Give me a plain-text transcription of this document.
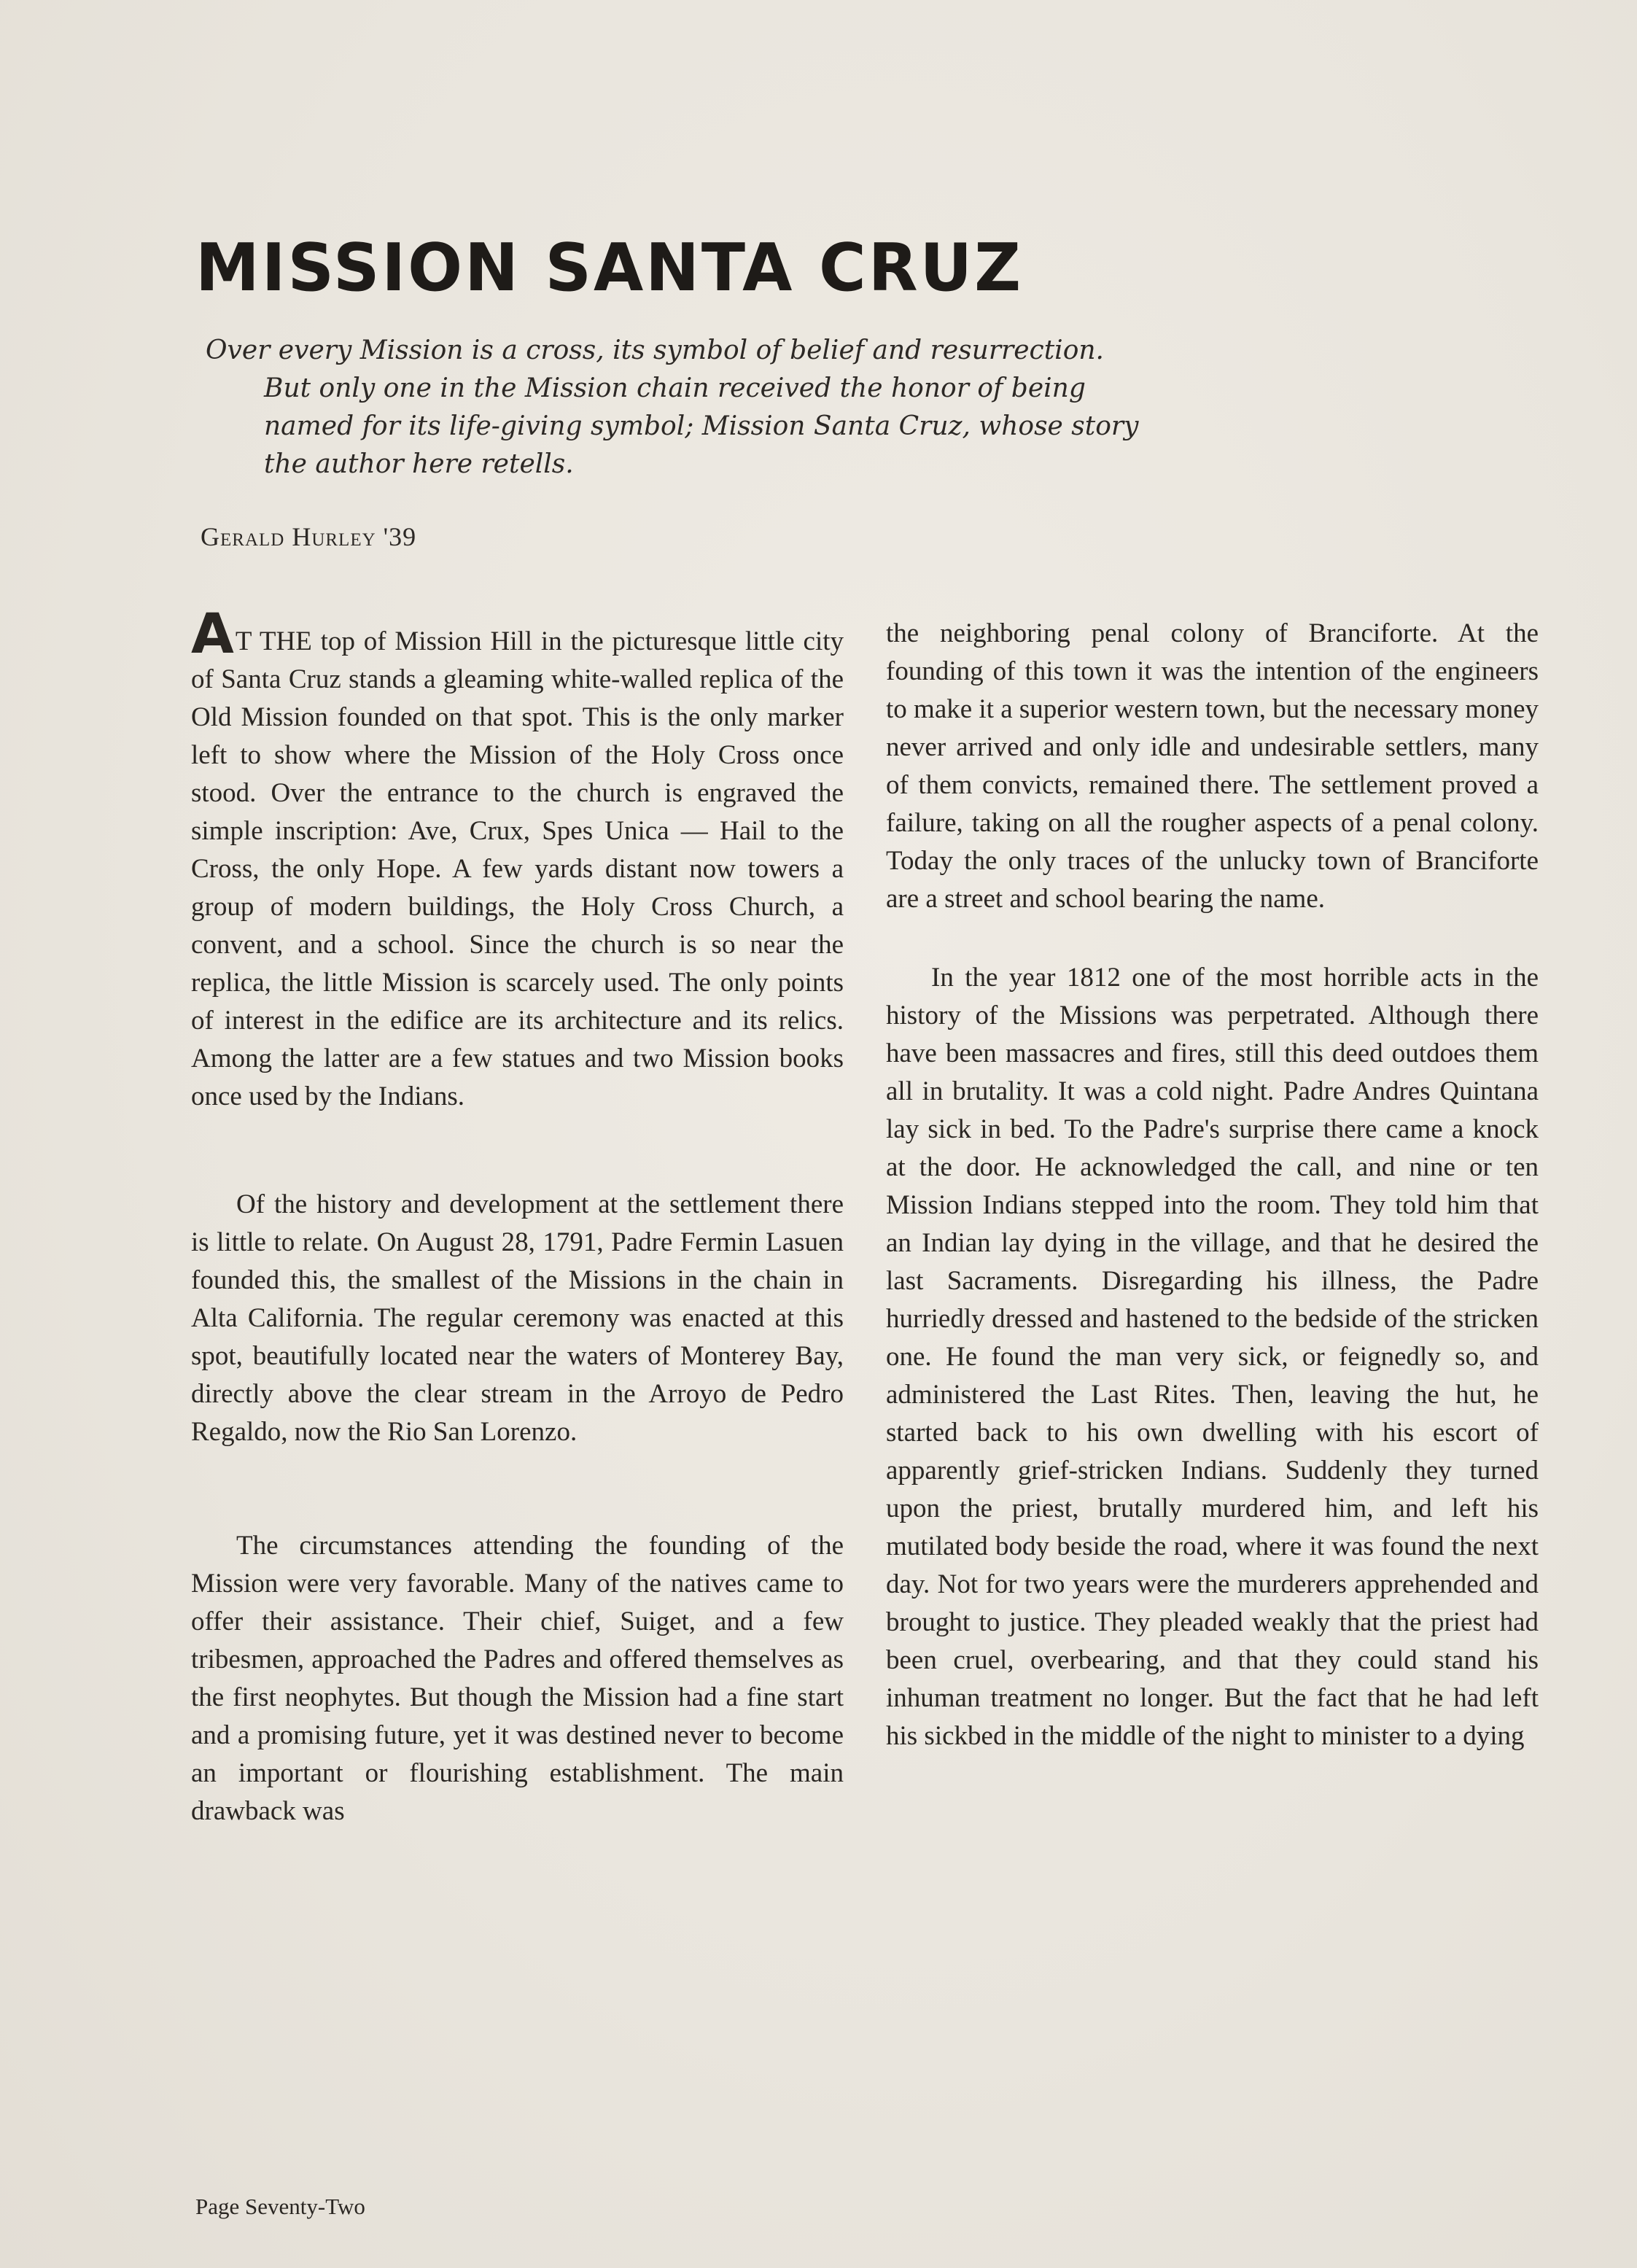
MISSION SANTA CRUZ

Over every Mission is a cross, its symbol of belief and resurrection.

But only one in the Mission chain received the honor of being

named for its life-giving symbol; Mission Santa Cruz, whose story

the author here retells.

Gerald Hurley '39

AT THE top of Mission Hill in the picturesque little city of Santa Cruz stands a gleaming white-walled replica of the Old Mission founded on that spot. This is the only marker left to show where the Mission of the Holy Cross once stood. Over the entrance to the church is engraved the simple inscription: Ave, Crux, Spes Unica — Hail to the Cross, the only Hope. A few yards distant now towers a group of modern buildings, the Holy Cross Church, a convent, and a school. Since the church is so near the replica, the little Mission is scarcely used. The only points of interest in the edifice are its architecture and its relics. Among the latter are a few statues and two Mission books once used by the Indians.

Of the history and development at the settlement there is little to relate. On August 28, 1791, Padre Fermin Lasuen founded this, the smallest of the Missions in the chain in Alta California. The regular ceremony was enacted at this spot, beautifully located near the waters of Monterey Bay, directly above the clear stream in the Arroyo de Pedro Regaldo, now the Rio San Lorenzo.

The circumstances attending the founding of the Mission were very favorable. Many of the natives came to offer their assistance. Their chief, Suiget, and a few tribesmen, approached the Padres and offered themselves as the first neophytes. But though the Mission had a fine start and a promising future, yet it was destined never to become an important or flourishing establishment. The main drawback was

the neighboring penal colony of Branciforte. At the founding of this town it was the intention of the engineers to make it a superior western town, but the necessary money never arrived and only idle and undesirable settlers, many of them convicts, remained there. The settlement proved a failure, taking on all the rougher aspects of a penal colony. Today the only traces of the unlucky town of Branciforte are a street and school bearing the name.

In the year 1812 one of the most horrible acts in the history of the Missions was perpetrated. Although there have been massacres and fires, still this deed outdoes them all in brutality. It was a cold night. Padre Andres Quintana lay sick in bed. To the Padre's surprise there came a knock at the door. He acknowledged the call, and nine or ten Mission Indians stepped into the room. They told him that an Indian lay dying in the village, and that he desired the last Sacraments. Disregarding his illness, the Padre hurriedly dressed and hastened to the bedside of the stricken one. He found the man very sick, or feignedly so, and administered the Last Rites. Then, leaving the hut, he started back to his own dwelling with his escort of apparently grief-stricken Indians. Suddenly they turned upon the priest, brutally murdered him, and left his mutilated body beside the road, where it was found the next day. Not for two years were the murderers apprehended and brought to justice. They pleaded weakly that the priest had been cruel, overbearing, and that they could stand his inhuman treatment no longer. But the fact that he had left his sickbed in the middle of the night to minister to a dying

Page Seventy-Two
